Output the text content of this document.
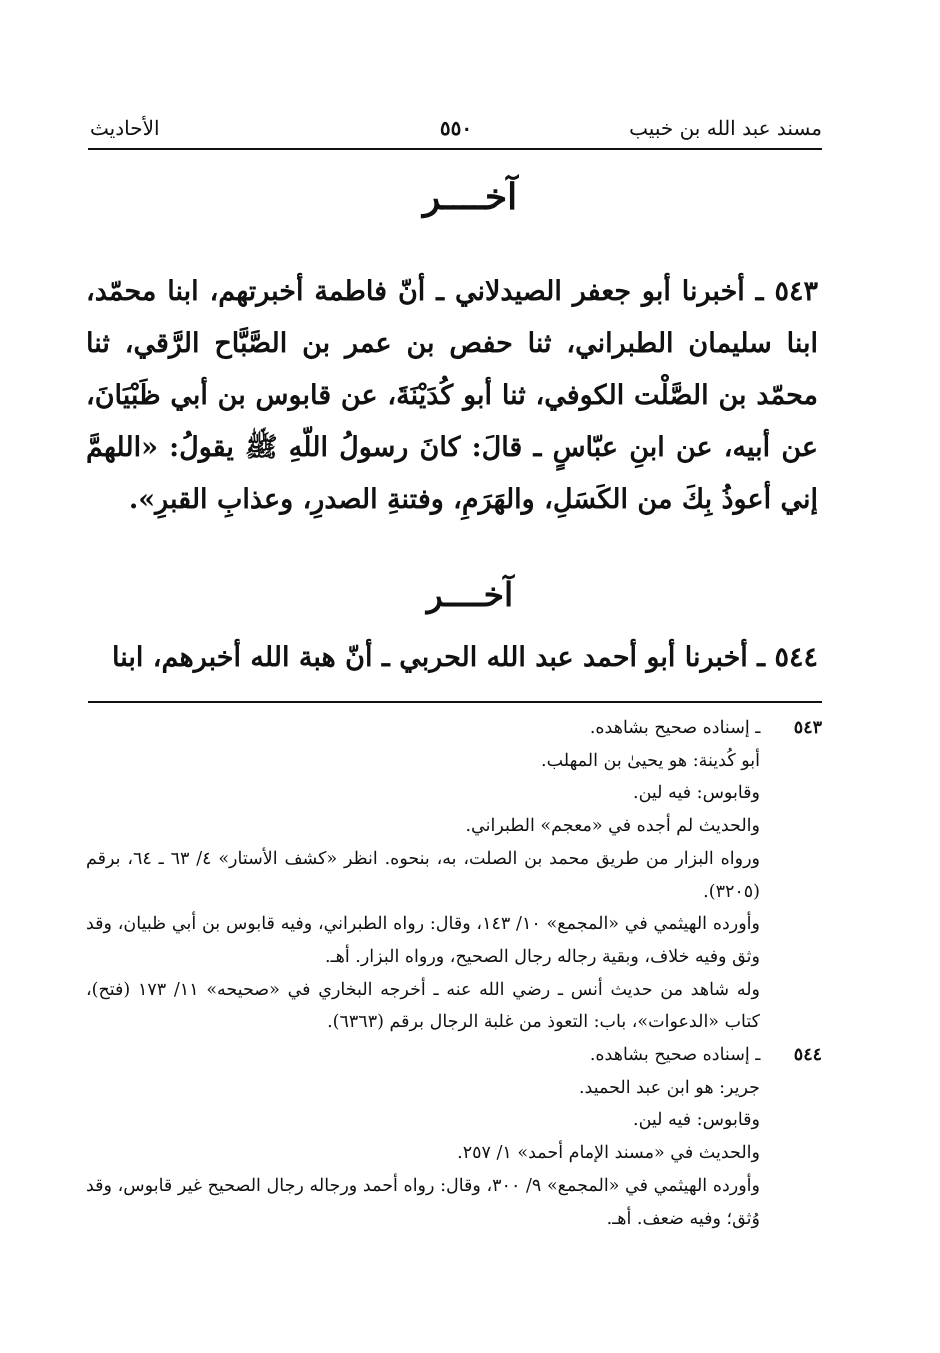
مسند عبد الله بن خبيب
٥٥٠
الأحاديث
آخــــر

٥٤٣ ـ أخبرنا أبو جعفر الصيدلاني ـ أنّ فاطمة أخبرتهم، ابنا محمّد، ابنا سليمان الطبراني، ثنا حفص بن عمر بن الصَّبَّاح الرَّقي، ثنا محمّد بن الصَّلْت الكوفي، ثنا أبو كُدَيْنَةَ، عن قابوس بن أبي ظَبْيَانَ، عن أبيه، عن ابنِ عبّاسٍ ـ قالَ: كانَ رسولُ اللّهِ ﷺ يقولُ: «اللهمَّ إني أعوذُ بِكَ من الكَسَلِ، والهَرَمِ، وفتنةِ الصدرِ، وعذابِ القبرِ».

آخــــر

٥٤٤ ـ أخبرنا أبو أحمد عبد الله الحربي ـ أنّ هبة الله أخبرهم، ابنا

٥٤٣ ـ إسناده صحيح بشاهده.
أبو كُدينة: هو يحيىٰ بن المهلب.
وقابوس: فيه لين.
والحديث لم أجده في «معجم» الطبراني.
ورواه البزار من طريق محمد بن الصلت، به، بنحوه. انظر «كشف الأستار» ٤/ ٦٣ ـ ٦٤، برقم (٣٢٠٥).
وأورده الهيثمي في «المجمع» ١٠/ ١٤٣، وقال: رواه الطبراني، وفيه قابوس بن أبي ظبيان، وقد وثق وفيه خلاف، وبقية رجاله رجال الصحيح، ورواه البزار. أهـ.
وله شاهد من حديث أنس ـ رضي الله عنه ـ أخرجه البخاري في «صحيحه» ١١/ ١٧٣ (فتح)، كتاب «الدعوات»، باب: التعوذ من غلبة الرجال برقم (٦٣٦٣).
٥٤٤ ـ إسناده صحيح بشاهده.
جرير: هو ابن عبد الحميد.
وقابوس: فيه لين.
والحديث في «مسند الإمام أحمد» ١/ ٢٥٧.
وأورده الهيثمي في «المجمع» ٩/ ٣٠٠، وقال: رواه أحمد ورجاله رجال الصحيح غير قابوس، وقد وُثق؛ وفيه ضعف. أهـ.
